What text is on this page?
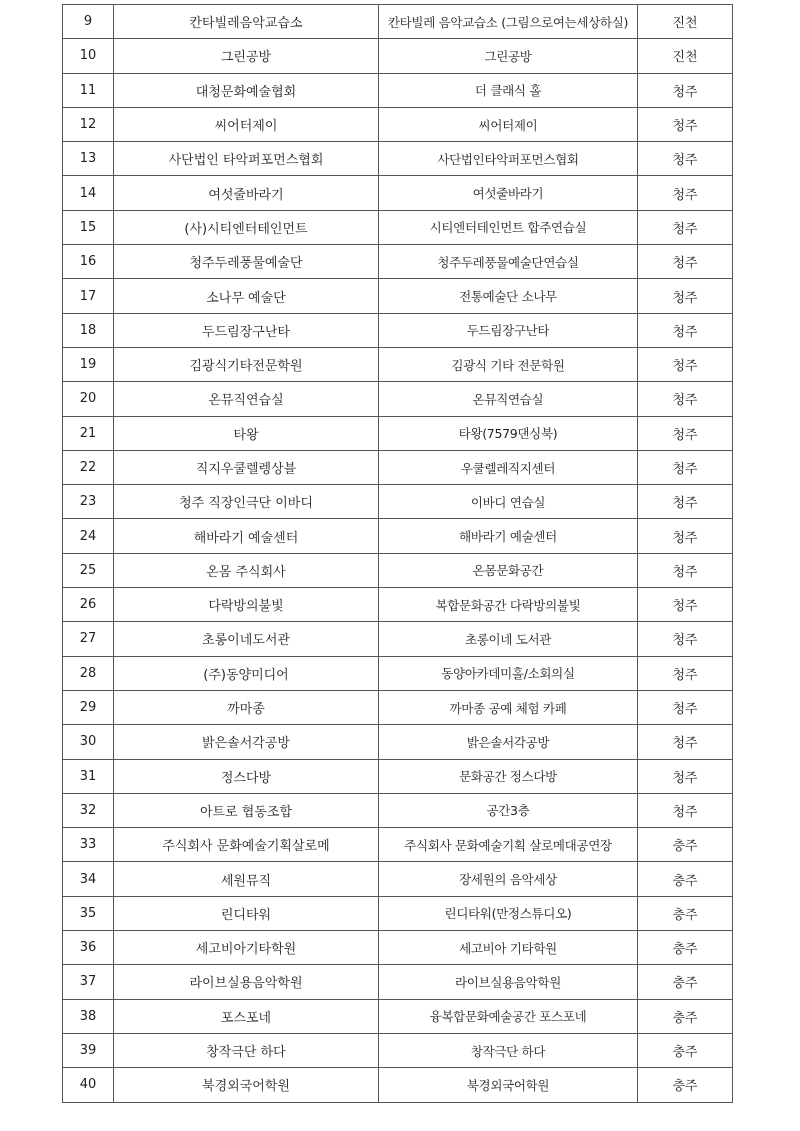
9	칸타빌레음악교습소	칸타빌레 음악교습소 (그림으로여는세상하실)	진천
10	그린공방	그린공방	진천
11	대청문화예술협회	더 클래식 홀	청주
12	씨어터제이	씨어터제이	청주
13	사단법인 타악퍼포먼스협회	사단법인타악퍼포먼스협회	청주
14	여섯줄바라기	여섯줄바라기	청주
15	(사)시티엔터테인먼트	시티엔터테인먼트 합주연습실	청주
16	청주두레풍물예술단	청주두레풍물예술단연습실	청주
17	소나무 예술단	전통예술단 소나무	청주
18	두드림장구난타	두드림장구난타	청주
19	김광식기타전문학원	김광식 기타 전문학원	청주
20	온뮤직연습실	온뮤직연습실	청주
21	타왕	타왕(7579댄싱북)	청주
22	직지우쿨렐렝상블	우쿨렐레직지센터	청주
23	청주 직장인극단 이바디	이바디 연습실	청주
24	해바라기 예술센터	해바라기 예술센터	청주
25	온몸 주식회사	온몸문화공간	청주
26	다락방의불빛	복합문화공간 다락방의불빛	청주
27	초롱이네도서관	초롱이네 도서관	청주
28	(주)동양미디어	동양아카데미홀/소회의실	청주
29	까마종	까마종 공예 체험 카페	청주
30	밝은솔서각공방	밝은솔서각공방	청주
31	정스다방	문화공간 정스다방	청주
32	아트로 협동조합	공간3층	청주
33	주식회사 문화예술기획살로메	주식회사 문화예술기획 살로메대공연장	충주
34	세원뮤직	장세원의 음악세상	충주
35	린디타워	린디타워(만정스튜디오)	충주
36	세고비아기타학원	세고비아 기타학원	충주
37	라이브실용음악학원	라이브실용음악학원	충주
38	포스포네	융복합문화예술공간 포스포네	충주
39	창작극단 하다	창작극단 하다	충주
40	북경외국어학원	북경외국어학원	충주
